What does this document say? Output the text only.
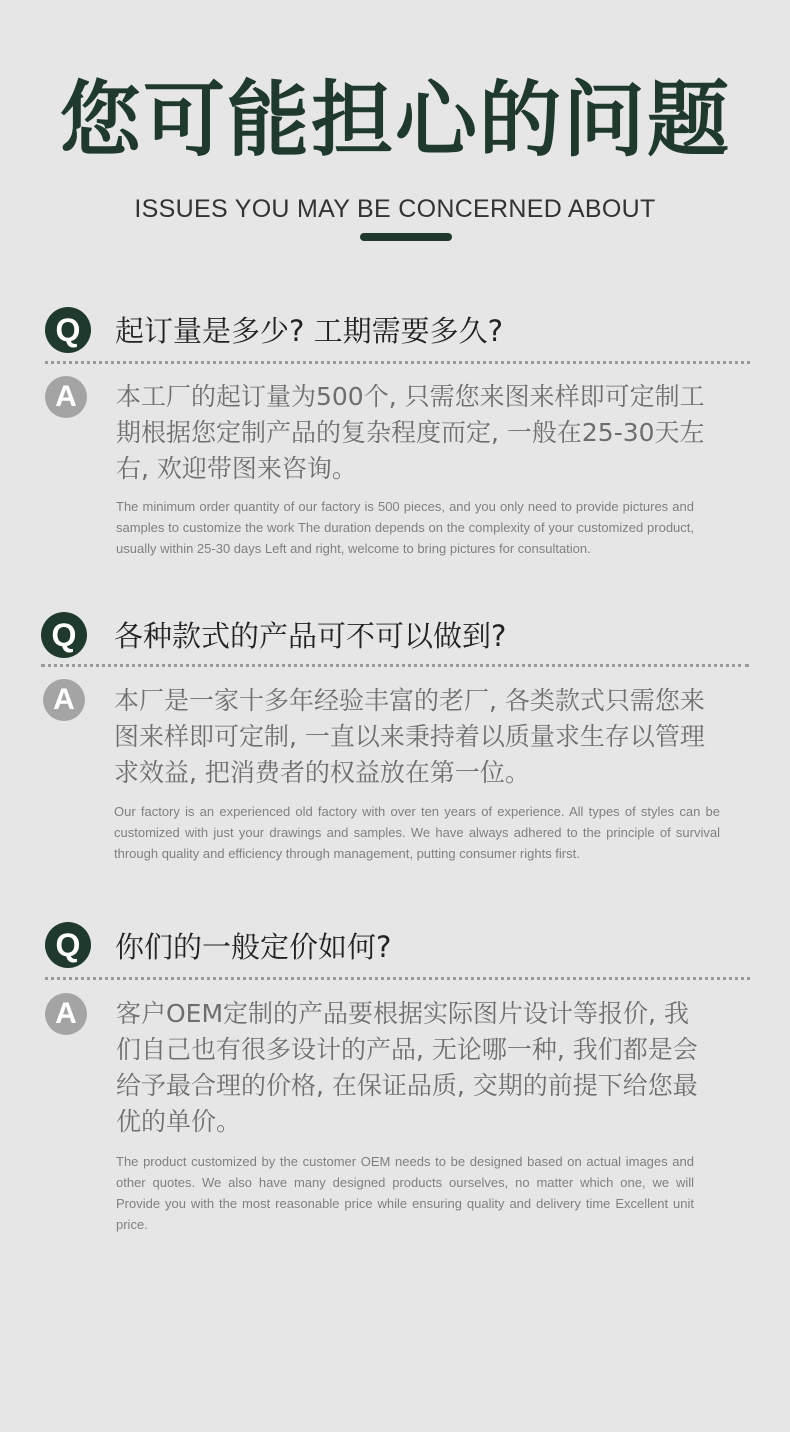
您可能担心的问题
ISSUES YOU MAY BE CONCERNED ABOUT
Q	起订量是多少? 工期需要多久?
A	本工厂的起订量为500个, 只需您来图来样即可定制工期根据您定制产品的复杂程度而定, 一般在25-30天左右, 欢迎带图来咨询。
The minimum order quantity of our factory is 500 pieces, and you only need to provide pictures and samples to customize the work The duration depends on the complexity of your customized product, usually within 25-30 days Left and right, welcome to bring pictures for consultation.
Q	各种款式的产品可不可以做到?
A	本厂是一家十多年经验丰富的老厂, 各类款式只需您来图来样即可定制, 一直以来秉持着以质量求生存以管理求效益, 把消费者的权益放在第一位。
Our factory is an experienced old factory with over ten years of experience. All types of styles can be customized with just your drawings and samples. We have always adhered to the principle of survival through quality and efficiency through management, putting consumer rights first.
Q	你们的一般定价如何?
A	客户OEM定制的产品要根据实际图片设计等报价, 我们自己也有很多设计的产品, 无论哪一种, 我们都是会给予最合理的价格, 在保证品质, 交期的前提下给您最优的单价。
The product customized by the customer OEM needs to be designed based on actual images and other quotes. We also have many designed products ourselves, no matter which one, we will Provide you with the most reasonable price while ensuring quality and delivery time Excellent unit price.
